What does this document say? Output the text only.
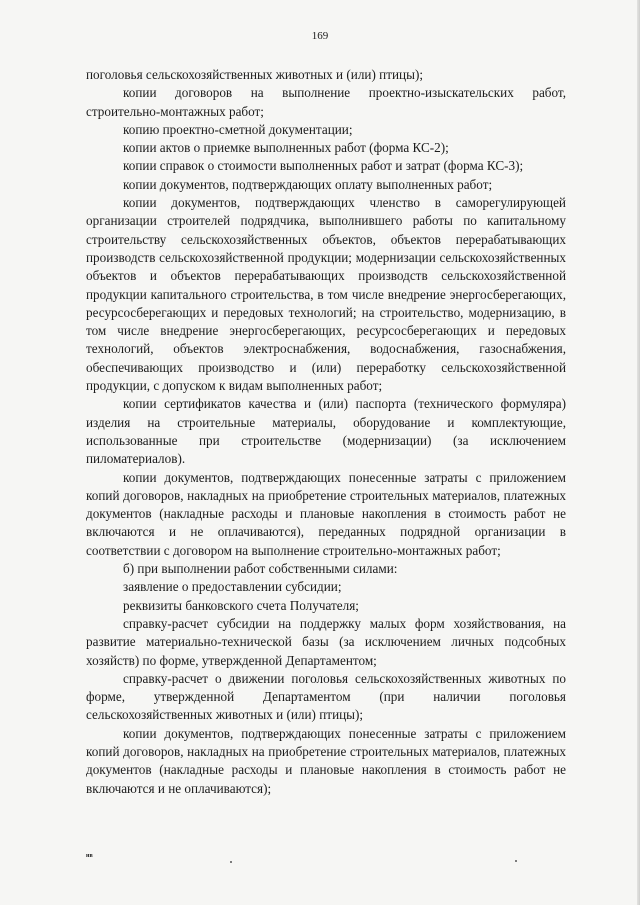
169

поголовья сельскохозяйственных животных и (или) птицы);

копии договоров на выполнение проектно-изыскательских работ, строительно-монтажных работ;

копию проектно-сметной документации;

копии актов о приемке выполненных работ (форма КС-2);

копии справок о стоимости выполненных работ и затрат (форма КС-3);

копии документов, подтверждающих оплату выполненных работ;

копии документов, подтверждающих членство в саморегулирующей организации строителей подрядчика, выполнившего работы по капитальному строительству сельскохозяйственных объектов, объектов перерабатывающих производств сельскохозяйственной продукции; модернизации сельскохозяйственных объектов и объектов перерабатывающих производств сельскохозяйственной продукции капитального строительства, в том числе внедрение энергосберегающих, ресурсосберегающих и передовых технологий; на строительство, модернизацию, в том числе внедрение энергосберегающих, ресурсосберегающих и передовых технологий, объектов электроснабжения, водоснабжения, газоснабжения, обеспечивающих производство и (или) переработку сельскохозяйственной продукции, с допуском к видам выполненных работ;

копии сертификатов качества и (или) паспорта (технического формуляра) изделия на строительные материалы, оборудование и комплектующие, использованные при строительстве (модернизации) (за исключением пиломатериалов).

копии документов, подтверждающих понесенные затраты с приложением копий договоров, накладных на приобретение строительных материалов, платежных документов (накладные расходы и плановые накопления в стоимость работ не включаются и не оплачиваются), переданных подрядной организации в соответствии с договором на выполнение строительно-монтажных работ;

б) при выполнении работ собственными силами:

заявление о предоставлении субсидии;

реквизиты банковского счета Получателя;

справку-расчет субсидии на поддержку малых форм хозяйствования, на развитие материально-технической базы (за исключением личных подсобных хозяйств) по форме, утвержденной Департаментом;

справку-расчет о движении поголовья сельскохозяйственных животных по форме, утвержденной Департаментом (при наличии поголовья сельскохозяйственных животных и (или) птицы);

копии документов, подтверждающих понесенные затраты с приложением копий договоров, накладных на приобретение строительных материалов, платежных документов (накладные расходы и плановые накопления в стоимость работ не включаются и не оплачиваются);

нв
